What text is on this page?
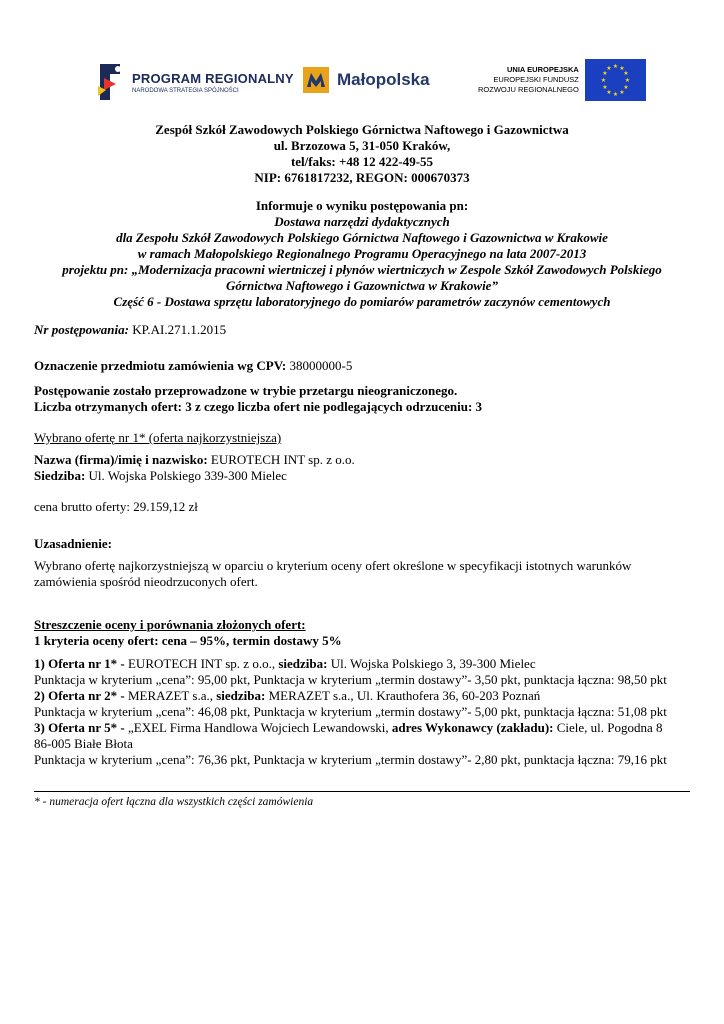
PROGRAM REGIONALNY
NARODOWA STRATEGIA SPÓJNOŚCI
Małopolska
UNIA EUROPEJSKA
EUROPEJSKI FUNDUSZ
ROZWOJU REGIONALNEGO
★ ★
★
★
★
★
★
★
★
★
★
★
Zespół Szkół Zawodowych Polskiego Górnictwa Naftowego i Gazownictwa
ul. Brzozowa 5, 31-050 Kraków,
tel/faks: +48 12 422-49-55
NIP: 6761817232, REGON: 000670373
Informuje o wyniku postępowania pn:
Dostawa narzędzi dydaktycznych
dla Zespołu Szkół Zawodowych Polskiego Górnictwa Naftowego i Gazownictwa w Krakowie
w ramach Małopolskiego Regionalnego Programu Operacyjnego na lata 2007-2013
projektu pn: „Modernizacja pracowni wiertniczej i płynów wiertniczych w Zespole Szkół Zawodowych Polskiego
Górnictwa Naftowego i Gazownictwa w Krakowie”
Część 6 - Dostawa sprzętu laboratoryjnego do pomiarów parametrów zaczynów cementowych
Nr postępowania: KP.AI.271.1.2015
Oznaczenie przedmiotu zamówienia wg CPV: 38000000-5
Postępowanie zostało przeprowadzone w trybie przetargu nieograniczonego.
Liczba otrzymanych ofert: 3 z czego liczba ofert nie podlegających odrzuceniu: 3
Wybrano ofertę nr 1* (oferta najkorzystniejsza)
Nazwa (firma)/imię i nazwisko: EUROTECH INT sp. z o.o.
Siedziba: Ul. Wojska Polskiego 339-300 Mielec
cena brutto oferty: 29.159,12 zł
Uzasadnienie:
Wybrano ofertę najkorzystniejszą w oparciu o kryterium oceny ofert określone w specyfikacji istotnych warunków
zamówienia spośród nieodrzuconych ofert.
Streszczenie oceny i porównania złożonych ofert:
1 kryteria oceny ofert: cena – 95%, termin dostawy 5%
1) Oferta nr 1* - EUROTECH INT sp. z o.o., siedziba: Ul. Wojska Polskiego 3, 39-300 Mielec
Punktacja w kryterium „cena”: 95,00 pkt, Punktacja w kryterium „termin dostawy”- 3,50 pkt, punktacja łączna: 98,50 pkt
2) Oferta nr 2* - MERAZET s.a., siedziba: MERAZET s.a., Ul. Krauthofera 36, 60-203 Poznań
Punktacja w kryterium „cena”: 46,08 pkt, Punktacja w kryterium „termin dostawy”- 5,00 pkt, punktacja łączna: 51,08 pkt
3) Oferta nr 5* - „EXEL Firma Handlowa Wojciech Lewandowski, adres Wykonawcy (zakładu): Ciele, ul. Pogodna 8
86-005 Białe Błota
Punktacja w kryterium „cena”: 76,36 pkt, Punktacja w kryterium „termin dostawy”- 2,80 pkt, punktacja łączna: 79,16 pkt
* - numeracja ofert łączna dla wszystkich części zamówienia
